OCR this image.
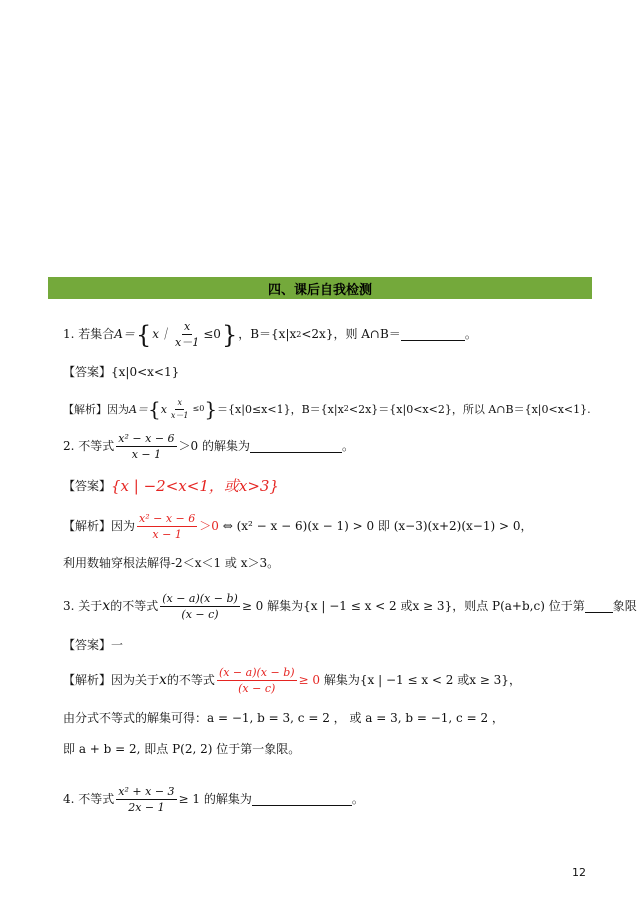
四、课后自我检测
1.
若集合 A＝ { x｜ $\frac{x}{x-1} \le 0$ } ，B＝{x|x 2 <2x}，则 A∩B＝	。
【答案】 {x|0<x<1}
【解析】因为 A＝ { x $\frac{x}{x-1} \le 0$ } ＝{x|0≤x<1}，B＝{x|x 2 <2x}＝{x|0<x<2}，所以 A∩B＝{x|0<x<1}.
2.
不等式 $\frac{\text{x² − x − 6}}{x - 1} >0$ 的解集为	。
【答案】 {x | −2<x<1，或x>3}
【解析】因为 $\frac{\text{x² − x − 6}}{x - 1} >0$
⇔ (x² − x − 6)(x − 1) > 0 即 (x−3)(x+2)(x−1) > 0，
利用数轴穿根法解得-2＜x＜1 或 x＞3。
3.
关于 x 的不等式 $\frac{(x - a)(x - b)}{(x - c)} \ge 0$ 解集为{x | −1 ≤ x < 2 或x ≥ 3}，则点 P(a+b,c) 位于第 象限
【答案】 一
【解析】因为关于 x 的不等式 $\frac{(x - a)(x - b)}{(x - c)} \ge 0$
解集为{x | −1 ≤ x < 2 或x ≥ 3}，
由分式不等式的解集可得：a = −1, b = 3, c = 2 ， 或 a = 3, b = −1, c = 2 ，
即 a + b = 2, 即点 P(2, 2) 位于第一象限。
4.
不等式 $\frac{\text{x² + x − 3}}{2x - 1} \ge 1$ 的解集为	。
12
